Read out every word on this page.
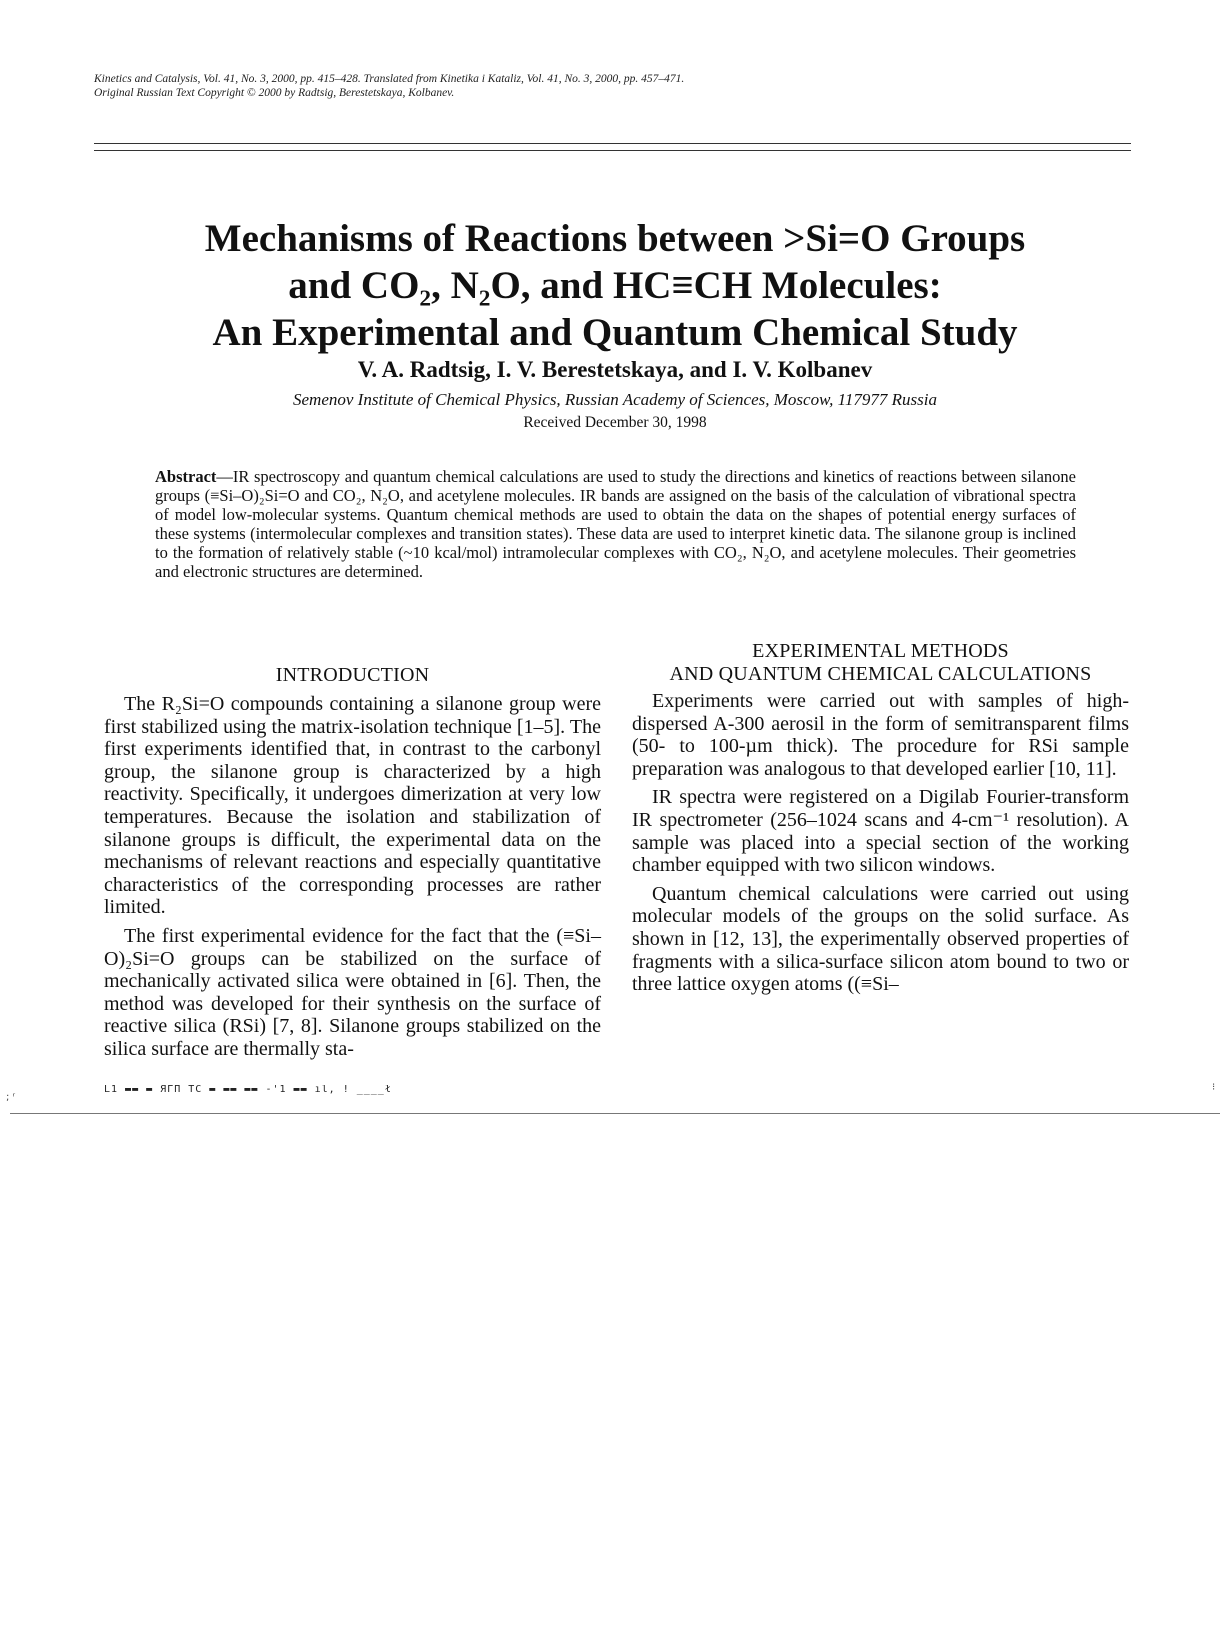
Kinetics and Catalysis, Vol. 41, No. 3, 2000, pp. 415–428. Translated from Kinetika i Kataliz, Vol. 41, No. 3, 2000, pp. 457–471.
Original Russian Text Copyright © 2000 by Radtsig, Berestetskaya, Kolbanev.
Mechanisms of Reactions between >Si=O Groups
and CO₂, N₂O, and HC≡CH Molecules:
An Experimental and Quantum Chemical Study
V. A. Radtsig, I. V. Berestetskaya, and I. V. Kolbanev
Semenov Institute of Chemical Physics, Russian Academy of Sciences, Moscow, 117977 Russia
Received December 30, 1998
Abstract—IR spectroscopy and quantum chemical calculations are used to study the directions and kinetics of reactions between silanone groups (≡Si–O)₂Si=O and CO₂, N₂O, and acetylene molecules. IR bands are assigned on the basis of the calculation of vibrational spectra of model low-molecular systems. Quantum chemical methods are used to obtain the data on the shapes of potential energy surfaces of these systems (intermolecular complexes and transition states). These data are used to interpret kinetic data. The silanone group is inclined to the formation of relatively stable (~10 kcal/mol) intramolecular complexes with CO₂, N₂O, and acetylene molecules. Their geometries and electronic structures are determined.
INTRODUCTION

The R₂Si=O compounds containing a silanone group were first stabilized using the matrix-isolation technique [1–5]. The first experiments identified that, in contrast to the carbonyl group, the silanone group is characterized by a high reactivity. Specifically, it undergoes dimerization at very low temperatures. Because the isolation and stabilization of silanone groups is difficult, the experimental data on the mechanisms of relevant reactions and especially quantitative characteristics of the corresponding processes are rather limited.

The first experimental evidence for the fact that the (≡Si–O)₂Si=O groups can be stabilized on the surface of mechanically activated silica were obtained in [6]. Then, the method was developed for their synthesis on the surface of reactive silica (RSi) [7, 8]. Silanone groups stabilized on the silica surface are thermally sta-

L1 ▬▬ ▬ ЯГП ТС ▬ ▬▬ ▬▬ -'1 ▬▬ ıl, ! ____ł
EXPERIMENTAL METHODS
AND QUANTUM CHEMICAL CALCULATIONS

Experiments were carried out with samples of high-dispersed A-300 aerosil in the form of semitransparent films (50- to 100-µm thick). The procedure for RSi sample preparation was analogous to that developed earlier [10, 11].

IR spectra were registered on a Digilab Fourier-transform IR spectrometer (256–1024 scans and 4-cm⁻¹ resolution). A sample was placed into a special section of the working chamber equipped with two silicon windows.

Quantum chemical calculations were carried out using molecular models of the groups on the solid surface. As shown in [12, 13], the experimentally observed properties of fragments with a silica-surface silicon atom bound to two or three lattice oxygen atoms ((≡Si–

; ʳ
⁝
